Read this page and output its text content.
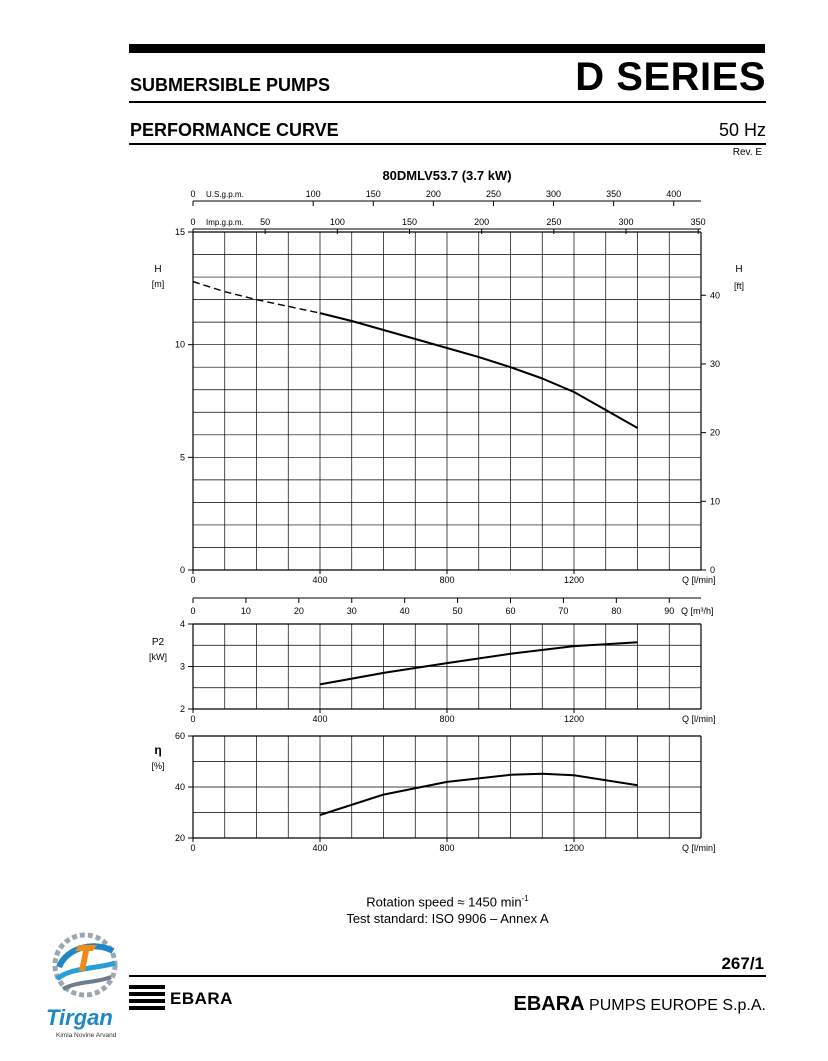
SUBMERSIBLE PUMPS	D SERIES
PERFORMANCE CURVE	50 Hz
Rev. E
0
5
10
15
0	400	800	1200	Q [l/min]
H
[m]
2
3
4
0	400	800	1200	Q [l/min]
P2
[kW]
20
40
60
0	400	800	1200	Q [l/min]
η
[%]
80DMLV53.7 (3.7 kW)
0
10
20
30
40
H
[ft]
0	100	150	200	250	300	350	400
U.S.g.p.m.
0	50	100	150	200	250	300	350
Imp.g.p.m.
0	10	20	30	40	50	60	70	80	90 Q [m³/h]
Rotation speed ≈ 1450 $\min^{-1}$
Test standard: ISO 9906 – Annex A
267/1
EBARA	EBARA PUMPS EUROPE S.p.A.
Tirgan
Kimia Novine Arvand
